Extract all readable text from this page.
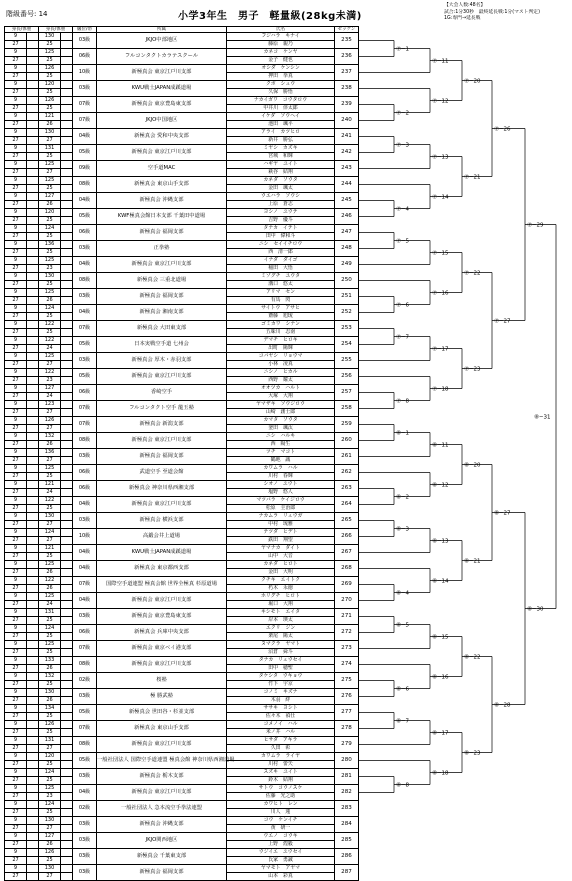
階級番号: 14	小学3年生　男子　軽量級(28kg未満)
【大会人数:48名】
試合:1分30秒　最終延長戦:1分(マスト判定)
1G:専門→延長戦
身長/体重		身長/体重		級位/帯	所属	氏名	ゼッケン
9		130		03級	JKJO中部地区	フジハラ　キナイ	235
27		25				藤原　親乃	
9		125		06級	フルコンタクトカラテスクール	カネコ　ケンヤ	236
27		25				金子　健也	
9		126		10級	新極真会 東京江戸川支部	オシダ　ケンシン	237
27		25				押田　拳真	
9		120		03級	KWU戦士JAPAN成蹊道場	クボ　シュウ	238
27		25				久保　勝悟	
9		126		07級	新極真会 東京豊島東支部	ナカイガワ　コウタロウ	239
27		25				中井川　倖太郎	
9		121		07級	JKJO中国地区	イケダ　ソウヘイ	240
27		26				池田　颯平	
9		130		04級	新極真会 愛和中央支部	アライ　カツヒロ	241
27		27				新井　勝弘	
9		131		05級	新極真会 東京江戸川支部	ミヤシ　カズキ	242
27		25				宮城　和輝	
9		125		09級	空手道MAC	ハギヤ　ユイト	243
27		27				萩谷　結翔	
9		125		08級	新極真会 東京山手支部	カネダ　ソウタ	244
27		25				金田　颯太	
9		127		04級	新極真会 沖縄支部	ウエハラ　ソウシ	245
27		26				上原　蒼志	
9		120		05級	KWF極真会館日本支部 千葉田中道場	ヨシノ　ユウテ	246
27		25				吉野　優斗	
9		124		06級	新極真会 福岡支部	タナカ　イテト	247
27		25				田中　偉和斗	
9		136		03級	正拳塾	ニシ　セイイチロウ	248
27		25				西　清一郎	
9		125		04級	新極真会 東京江戸川支部	イナダ　ダイゴ	249
27		23				稲田　大悟	
9		130		08級	新極真会 三重北道場	ミゾグチ　ユウタ	250
27		25				溝口　悠太	
9		125		03級	新極真会 福岡支部	アリマ　セン	251
27		26				有馬　閃	
9		124		04級	新極真会 湘南支部	サイトウ　アサヒ	252
27		25				齋藤　旭琉	
9		122		07級	新極真会 大田東支部	ゴミカワ　シナン	253
27		25				五味川　志南	
9		122		05級	日本実戦空手道 七州会	デマチ　ヒロキ	254
27		24				出町　陽輝	
9		125		03級	新極真会 厚木・赤羽支部	コバヤシ　リョウマ	255
27		27				小林　凌真	
9		122		05級	新極真会 東京江戸川支部	ニシノ　ヒカル	256
27		23				西野　耀太	
9		127		06級	香崎空手	オオツカ　ハルト	257
27		24				大塚　大翔	
9		123		07級	フルコンタクト空手 龍玉塾	ヤマザキ　ソウジロウ	258
27		27				山崎　創士郎	
9		126		07級	新極真会 新潟支部	カマタ　ソウタ	259
27		27				釜田　颯汰	
9		132		08級	新極真会 東京江戸川支部	ニシ　ハルキ	260
27		26				西　陽生	
9		136		03級	新極真会 福岡支部	ツチ　マコト	261
27		27				鶴地　誠	
9		125		06級	武道空手 至道会館	カワムラ　ハル	262
27		25				川村　春輝	
9		121		06級	新極真会 神奈川県西湘支部	シオノ　ユウト	263
27		24				塩野　悠人	
9		122		04級	新極真会 東京江戸川支部	マツバラ　ケイジロウ	264
27		25				松原　圭治郎	
9		130		03級	新極真会 横浜支部	ナカムラ　リュウガ	265
27		27				中村　琉雅	
9		124		10級	高鍛会井上道場	テツダ　ヒデト	266
27		27				鉄田　翔望	
9		121		04級	KWU戦士JAPAN成蹊道場	ヤマナカ　ダイト	267
27		25				山中　大音	
9		125		04級	新極真会 東京都西支部	カネダ　ヒロト	268
27		26				金田　大明	
9		122		07級	国際空手道連盟 極真会館 世界全極真 杉原道場	クチキ　エイトク	269
27		26				朽木　永徳	
9		125		04級	新極真会 東京江戸川支部	ホリグチ　ヒロト	270
27		24				堀口　大翔	
9		131		03級	新極真会 東京豊島東支部	キシモト　エイタ	271
27		25				岸本　瑛太	
9		124		06級	新極真会 兵庫中央支部	エクリ　ジン	272
27		25				栗尾　陽太	
9		125		07級	新極真会 東京ベイ港支部	ヌマクラ　ヤマト	273
27		25				沼倉　舜斗	
9		133		08級	新極真会 東京江戸川支部	タナカ　リュウセイ	274
27		26				田中　穂聖	
9		132		02級	桜塾	タケシタ　ウキョウ	275
27		25				竹下　宇京	
9		130		03級	極 勝武塾	コノミ　キズナ	276
27		26				木羽　絆	
9		134		05級	新極真会 世田谷・杉並支部	ササキ　ヨシト	277
27		25				佐々木　禎仕	
9		126		07級	新極真会 東京山手支部	コメノイ　ハル	278
27		25				米ノ井　ハル	
9		131		08級	新極真会 東京江戸川支部	ヒサダ　アキラ	279
27		27				久田　彰	
9		120		05級	一般社団法人 国際空手道連盟 極真会館 神奈川県西湘道場	カワムラ　ライヤ	280
27		25				川村　蕾矢	
9		124		03級	新極真会 栃木支部	スズキ　ユイト	281
27		25				鈴木　結翔	
9		125		04級	新極真会 東京江戸川支部	サトウ　コウノスケ	282
27		23				佐藤　光之助	
9		124		02級	一般社団法人 急本流空手拳法連盟	カワヒト　レン	283
27		25				川人　蓮	
9		130		03級	新極真会 沖縄支部	コウ　ケンイチ	284
27		27				黄　研一	
9		127		03級	JKJO関西地区	ウエノ　コウキ	285
27		26				上野　煌毅	
9		126		03級	新極真会 千葉東支部	ウジイエ　ユウセイ	286
27		25				氏家　勇誠	
9		130		03級	新極真会 福岡支部	ヤマモト　アヤマ	287
27		27				山本　彩真	
⑦−1
⑦−11
⑦−2
⑦−12
⑦−3
⑦−13
⑦−4
⑦−14
⑦−5
⑦−15
⑦−6
⑦−16
⑦−7
⑦−17
⑦−8
⑦−18
⑦−20
⑦−21
⑦−22
⑦−23
⑦−26
⑦−27
⑦−29
⑧−1
⑧−11
⑧−2
⑧−12
⑧−3
⑧−13
⑧−4
⑧−14
⑧−5
⑧−15
⑧−6
⑧−16
⑧−7
⑧−17
⑧−8
⑧−18
⑧−20
⑧−21
⑧−22
⑧−23
⑧−27
⑧−28
⑧−30
⑧−31
